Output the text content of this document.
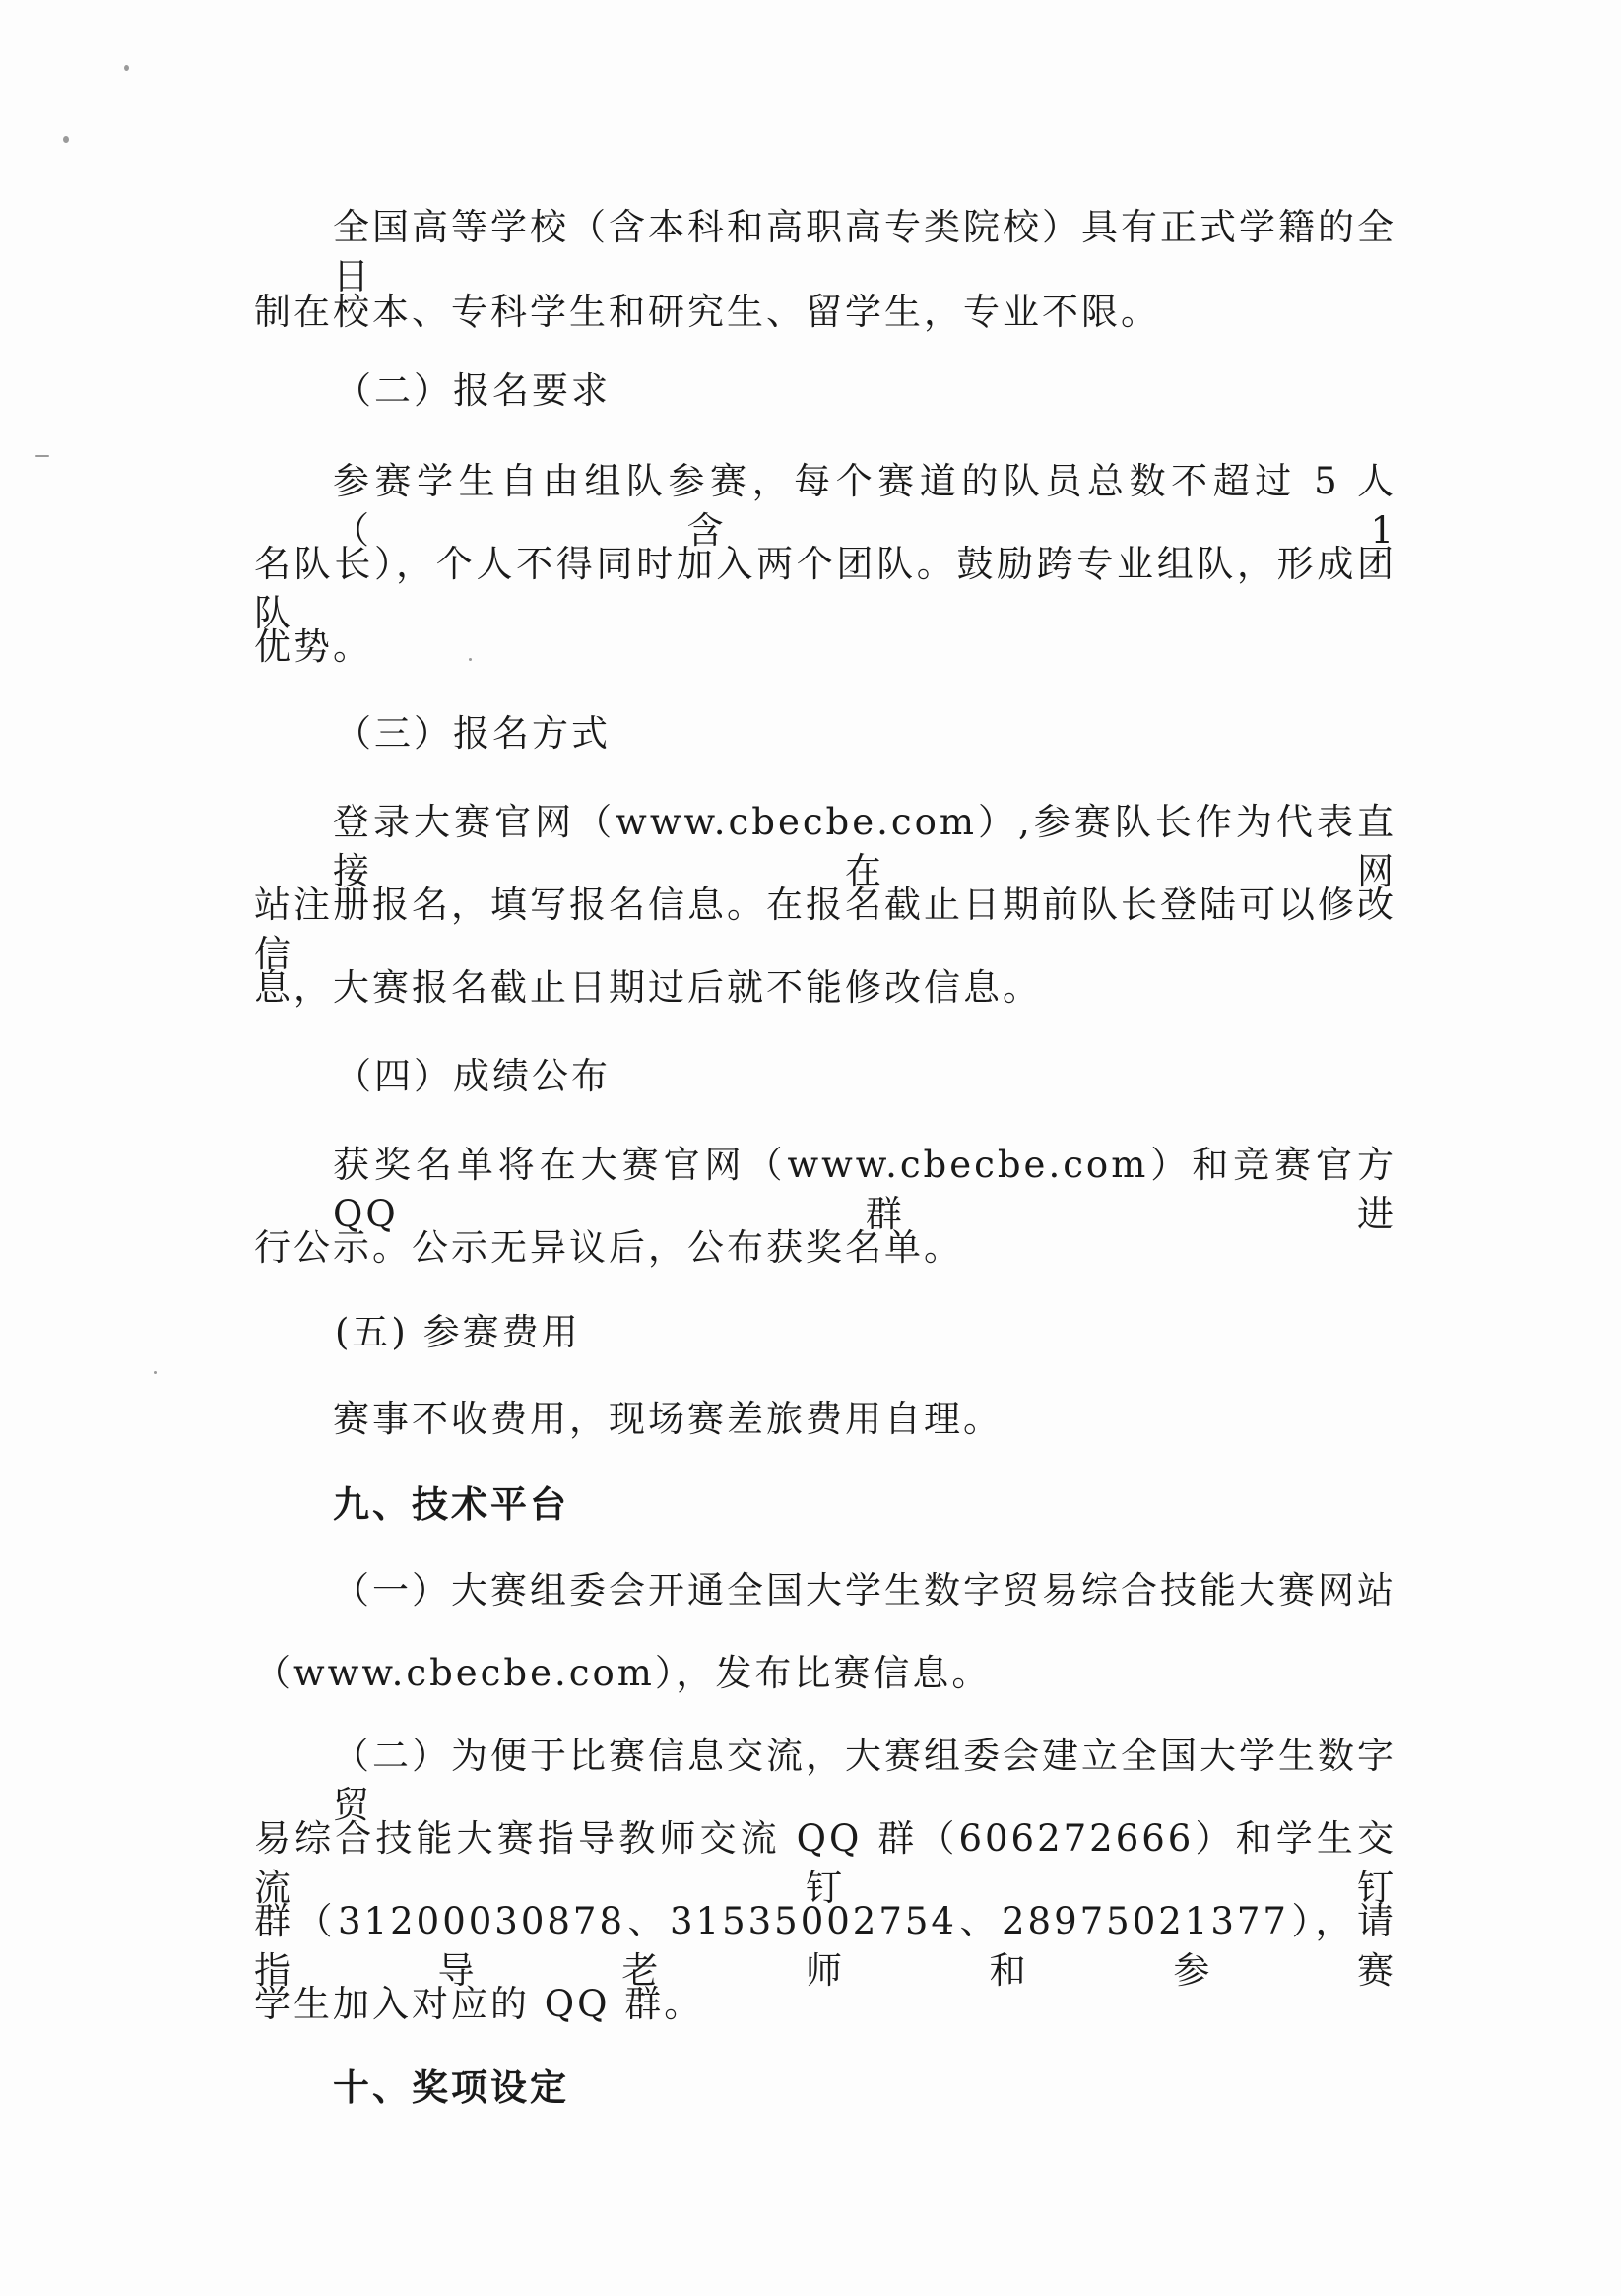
全国高等学校（含本科和高职高专类院校）具有正式学籍的全日
制在校本、专科学生和研究生、留学生，专业不限。
（二）报名要求
参赛学生自由组队参赛，每个赛道的队员总数不超过 5 人（含 1
名队长），个人不得同时加入两个团队。鼓励跨专业组队，形成团队
优势。
（三）报名方式
登录大赛官网（www.cbecbe.com）,参赛队长作为代表直接在网
站注册报名，填写报名信息。在报名截止日期前队长登陆可以修改信
息，大赛报名截止日期过后就不能修改信息。
（四）成绩公布
获奖名单将在大赛官网（www.cbecbe.com）和竞赛官方 QQ 群进
行公示。公示无异议后，公布获奖名单。
(五) 参赛费用
赛事不收费用，现场赛差旅费用自理。
九、技术平台
（一）大赛组委会开通全国大学生数字贸易综合技能大赛网站
（www.cbecbe.com），发布比赛信息。
（二）为便于比赛信息交流，大赛组委会建立全国大学生数字贸
易综合技能大赛指导教师交流 QQ 群（606272666）和学生交流钉钉
群（31200030878、31535002754、28975021377），请指导老师和参赛
学生加入对应的 QQ 群。
十、奖项设定
